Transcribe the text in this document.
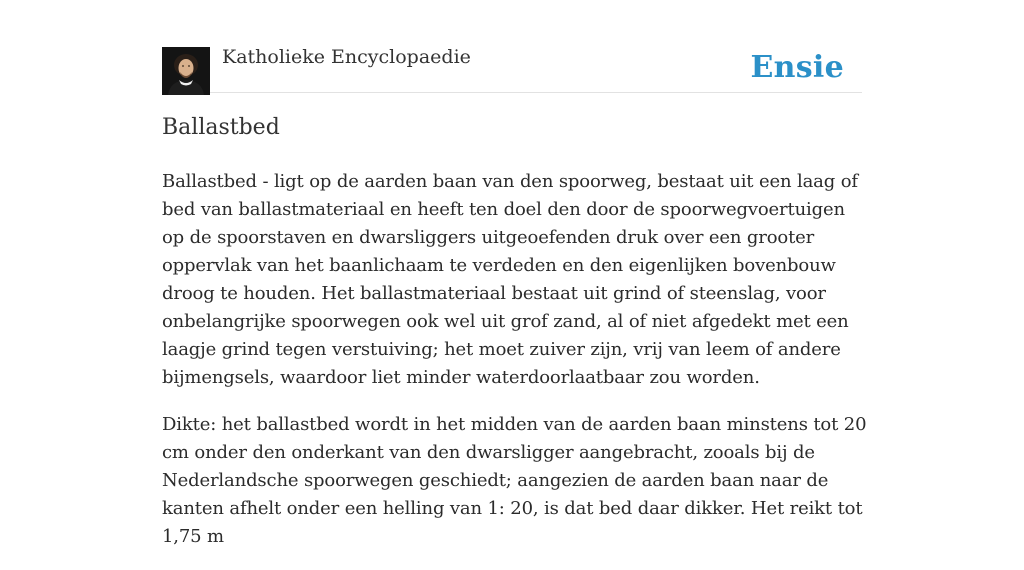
Katholieke Encyclopaedie	Ensie
Ballastbed

Ballastbed - ligt op de aarden baan van den spoorweg, bestaat uit een laag of bed van ballastmateriaal en heeft ten doel den door de spoorwegvoertuigen op de spoorstaven en dwarsliggers uitgeoefenden druk over een grooter oppervlak van het baanlichaam te verdeden en den eigenlijken bovenbouw droog te houden. Het ballastmateriaal bestaat uit grind of steenslag, voor onbelangrijke spoorwegen ook wel uit grof zand, al of niet afgedekt met een laagje grind tegen verstuiving; het moet zuiver zijn, vrij van leem of andere bijmengsels, waardoor liet minder waterdoorlaatbaar zou worden.

Dikte: het ballastbed wordt in het midden van de aarden baan minstens tot 20 cm onder den onderkant van den dwarsligger aangebracht, zooals bij de Nederlandsche spoorwegen geschiedt; aangezien de aarden baan naar de kanten afhelt onder een helling van 1: 20, is dat bed daar dikker. Het reikt tot 1,75 m
